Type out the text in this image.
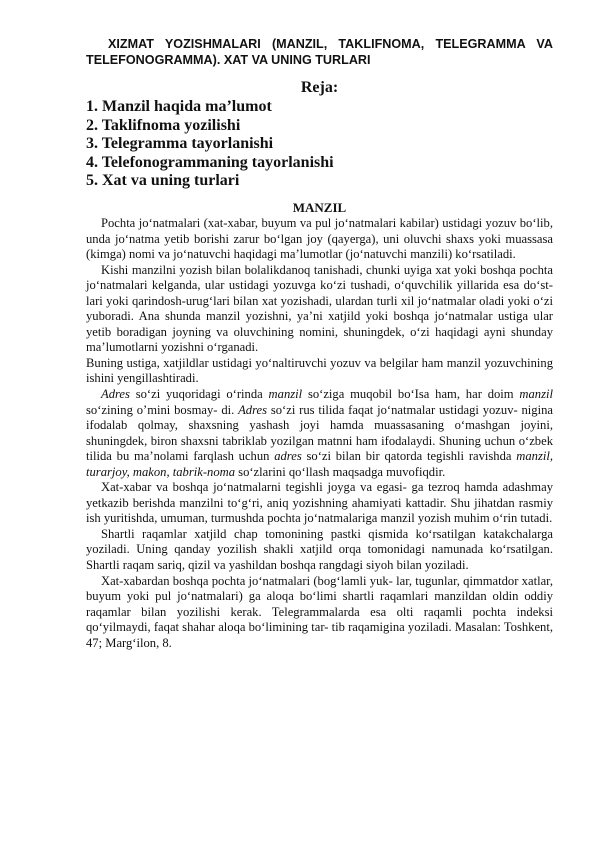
XIZMAT YOZISHMALARI (MANZIL, TAKLIFNOMA, TELEGRAMMA VA TELEFONOGRAMMA). XAT VA UNING TURLARI

Reja:
1. Manzil haqida ma’lumot
2. Taklifnoma yozilishi
3. Telegramma tayorlanishi
4. Telefonogrammaning tayorlanishi
5. Xat va uning turlari
MANZIL

Pochta jo‘natmalari (xat-xabar, buyum va pul jo‘natmalari kabilar) ustidagi yozuv bo‘lib, unda jo‘natma yetib borishi zarur bo‘lgan joy (qayerga), uni oluvchi shaxs yoki muassasa (kimga) nomi va jo‘natuvchi haqidagi ma’lumotlar (jo‘natuvchi manzili) ko‘rsatiladi.

Kishi manzilni yozish bilan bolalikdanoq tanishadi, chunki uyiga xat yoki boshqa pochta jo‘natmalari kelganda, ular ustidagi yozuvga ko‘zi tushadi, o‘quvchilik yillarida esa do‘st- lari yoki qarindosh-urug‘lari bilan xat yozishadi, ulardan turli xil jo‘natmalar oladi yoki o‘zi yuboradi. Ana shunda manzil yozishni, ya’ni xatjild yoki boshqa jo‘natmalar ustiga ular yetib boradigan joyning va oluvchining nomini, shuningdek, o‘zi haqidagi ayni shunday ma’lumotlarni yozishni o‘rganadi.

Buning ustiga, xatjildlar ustidagi yo‘naltiruvchi yozuv va belgilar ham manzil yozuvchining ishini yengillashtiradi.

Adres so‘zi yuqoridagi o‘rinda manzil so‘ziga muqobil bo‘Isa ham, har doim manzil so‘zining o’mini bosmay- di. Adres so‘zi rus tilida faqat jo‘natmalar ustidagi yozuv- nigina ifodalab qolmay, shaxsning yashash joyi hamda muassasaning o‘mashgan joyini, shuningdek, biron shaxsni tabriklab yozilgan matnni ham ifodalaydi. Shuning uchun o‘zbek tilida bu ma’nolami farqlash uchun adres so‘zi bilan bir qatorda tegishli ravishda manzil, turarjoy, makon, tabrik-noma so‘zlarini qo‘llash maqsadga muvofiqdir.

Xat-xabar va boshqa jo‘natmalarni tegishli joyga va egasi- ga tezroq hamda adashmay yetkazib berishda manzilni to‘g‘ri, aniq yozishning ahamiyati kattadir. Shu jihatdan rasmiy ish yuritishda, umuman, turmushda pochta jo‘natmalariga manzil yozish muhim o‘rin tutadi.

Shartli raqamlar xatjild chap tomonining pastki qismida ko‘rsatilgan katakchalarga yoziladi. Uning qanday yozilish shakli xatjild orqa tomonidagi namunada ko‘rsatilgan. Shartli raqam sariq, qizil va yashildan boshqa rangdagi siyoh bilan yoziladi.

Xat-xabardan boshqa pochta jo‘natmalari (bog‘lamli yuk- lar, tugunlar, qimmatdor xatlar, buyum yoki pul jo‘natmalari) ga aloqa bo‘limi shartli raqamlari manzildan oldin oddiy raqamlar bilan yozilishi kerak. Telegrammalarda esa olti raqamli pochta indeksi qo‘yilmaydi, faqat shahar aloqa bo‘limining tar- tib raqamigina yoziladi. Masalan: Toshkent, 47; Marg‘ilon, 8.
